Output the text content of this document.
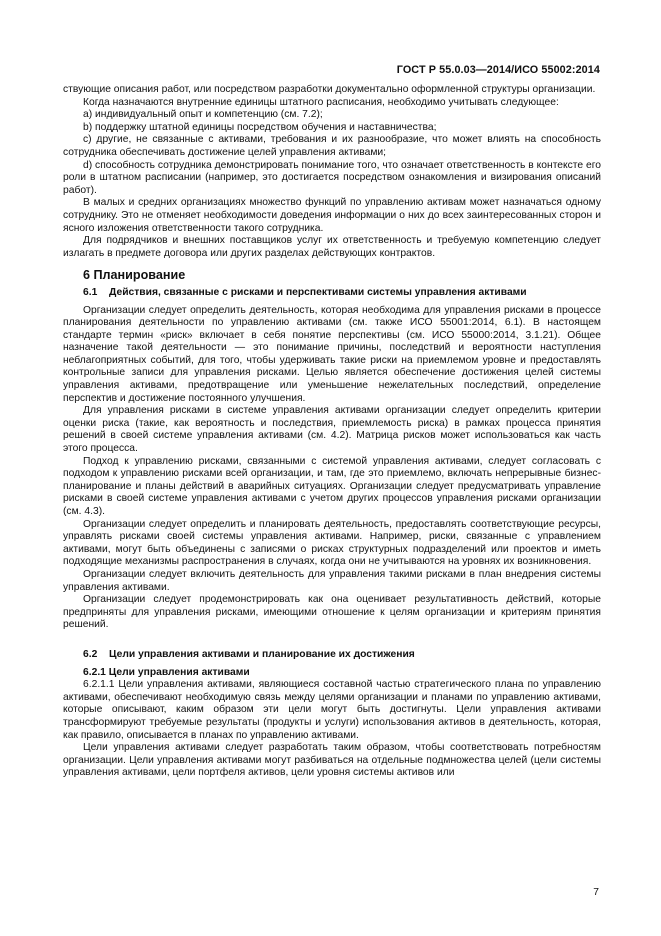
ГОСТ Р 55.0.03—2014/ИСО 55002:2014

ствующие описания работ, или посредством разработки документально оформленной структуры организации.

Когда назначаются внутренние единицы штатного расписания, необходимо учитывать следующее:

a) индивидуальный опыт и компетенцию (см. 7.2);

b) поддержку штатной единицы посредством обучения и наставничества;

c) другие, не связанные с активами, требования и их разнообразие, что может влиять на способность сотрудника обеспечивать достижение целей управления активами;

d) способность сотрудника демонстрировать понимание того, что означает ответственность в контексте его роли в штатном расписании (например, это достигается посредством ознакомления и визирования описаний работ).

В малых и средних организациях множество функций по управлению активам может назначаться одному сотруднику. Это не отменяет необходимости доведения информации о них до всех заинтересованных сторон и ясного изложения ответственности такого сотрудника.

Для подрядчиков и внешних поставщиков услуг их ответственность и требуемую компетенцию следует излагать в предмете договора или других разделах действующих контрактов.

6 Планирование
6.1 Действия, связанные с рисками и перспективами системы управления активами

Организации следует определить деятельность, которая необходима для управления рисками в процессе планирования деятельности по управлению активами (см. также ИСО 55001:2014, 6.1). В настоящем стандарте термин «риск» включает в себя понятие перспективы (см. ИСО 55000:2014, 3.1.21). Общее назначение такой деятельности — это понимание причины, последствий и вероятности наступления неблагоприятных событий, для того, чтобы удерживать такие риски на приемлемом уровне и предоставлять контрольные записи для управления рисками. Целью является обеспечение достижения целей системы управления активами, предотвращение или уменьшение нежелательных последствий, определение перспектив и достижение постоянного улучшения.

Для управления рисками в системе управления активами организации следует определить критерии оценки риска (такие, как вероятность и последствия, приемлемость риска) в рамках процесса принятия решений в своей системе управления активами (см. 4.2). Матрица рисков может использоваться как часть этого процесса.

Подход к управлению рисками, связанными с системой управления активами, следует согласовать с подходом к управлению рисками всей организации, и там, где это приемлемо, включать непрерывные бизнес-планирование и планы действий в аварийных ситуациях. Организации следует предусматривать управление рисками в своей системе управления активами с учетом других процессов управления рисками организации (см. 4.3).

Организации следует определить и планировать деятельность, предоставлять соответствующие ресурсы, управлять рисками своей системы управления активами. Например, риски, связанные с управлением активами, могут быть объединены с записями о рисках структурных подразделений или проектов и иметь подходящие механизмы распространения в случаях, когда они не учитываются на уровнях их возникновения.

Организации следует включить деятельность для управления такими рисками в план внедрения системы управления активами.

Организации следует продемонстрировать как она оценивает результативность действий, которые предприняты для управления рисками, имеющими отношение к целям организации и критериям принятия решений.

6.2 Цели управления активами и планирование их достижения
6.2.1 Цели управления активами

6.2.1.1 Цели управления активами, являющиеся составной частью стратегического плана по управлению активами, обеспечивают необходимую связь между целями организации и планами по управлению активами, которые описывают, каким образом эти цели могут быть достигнуты. Цели управления активами трансформируют требуемые результаты (продукты и услуги) использования активов в деятельность, которая, как правило, описывается в планах по управлению активами.

Цели управления активами следует разработать таким образом, чтобы соответствовать потребностям организации. Цели управления активами могут разбиваться на отдельные подмножества целей (цели системы управления активами, цели портфеля активов, цели уровня системы активов или

7
